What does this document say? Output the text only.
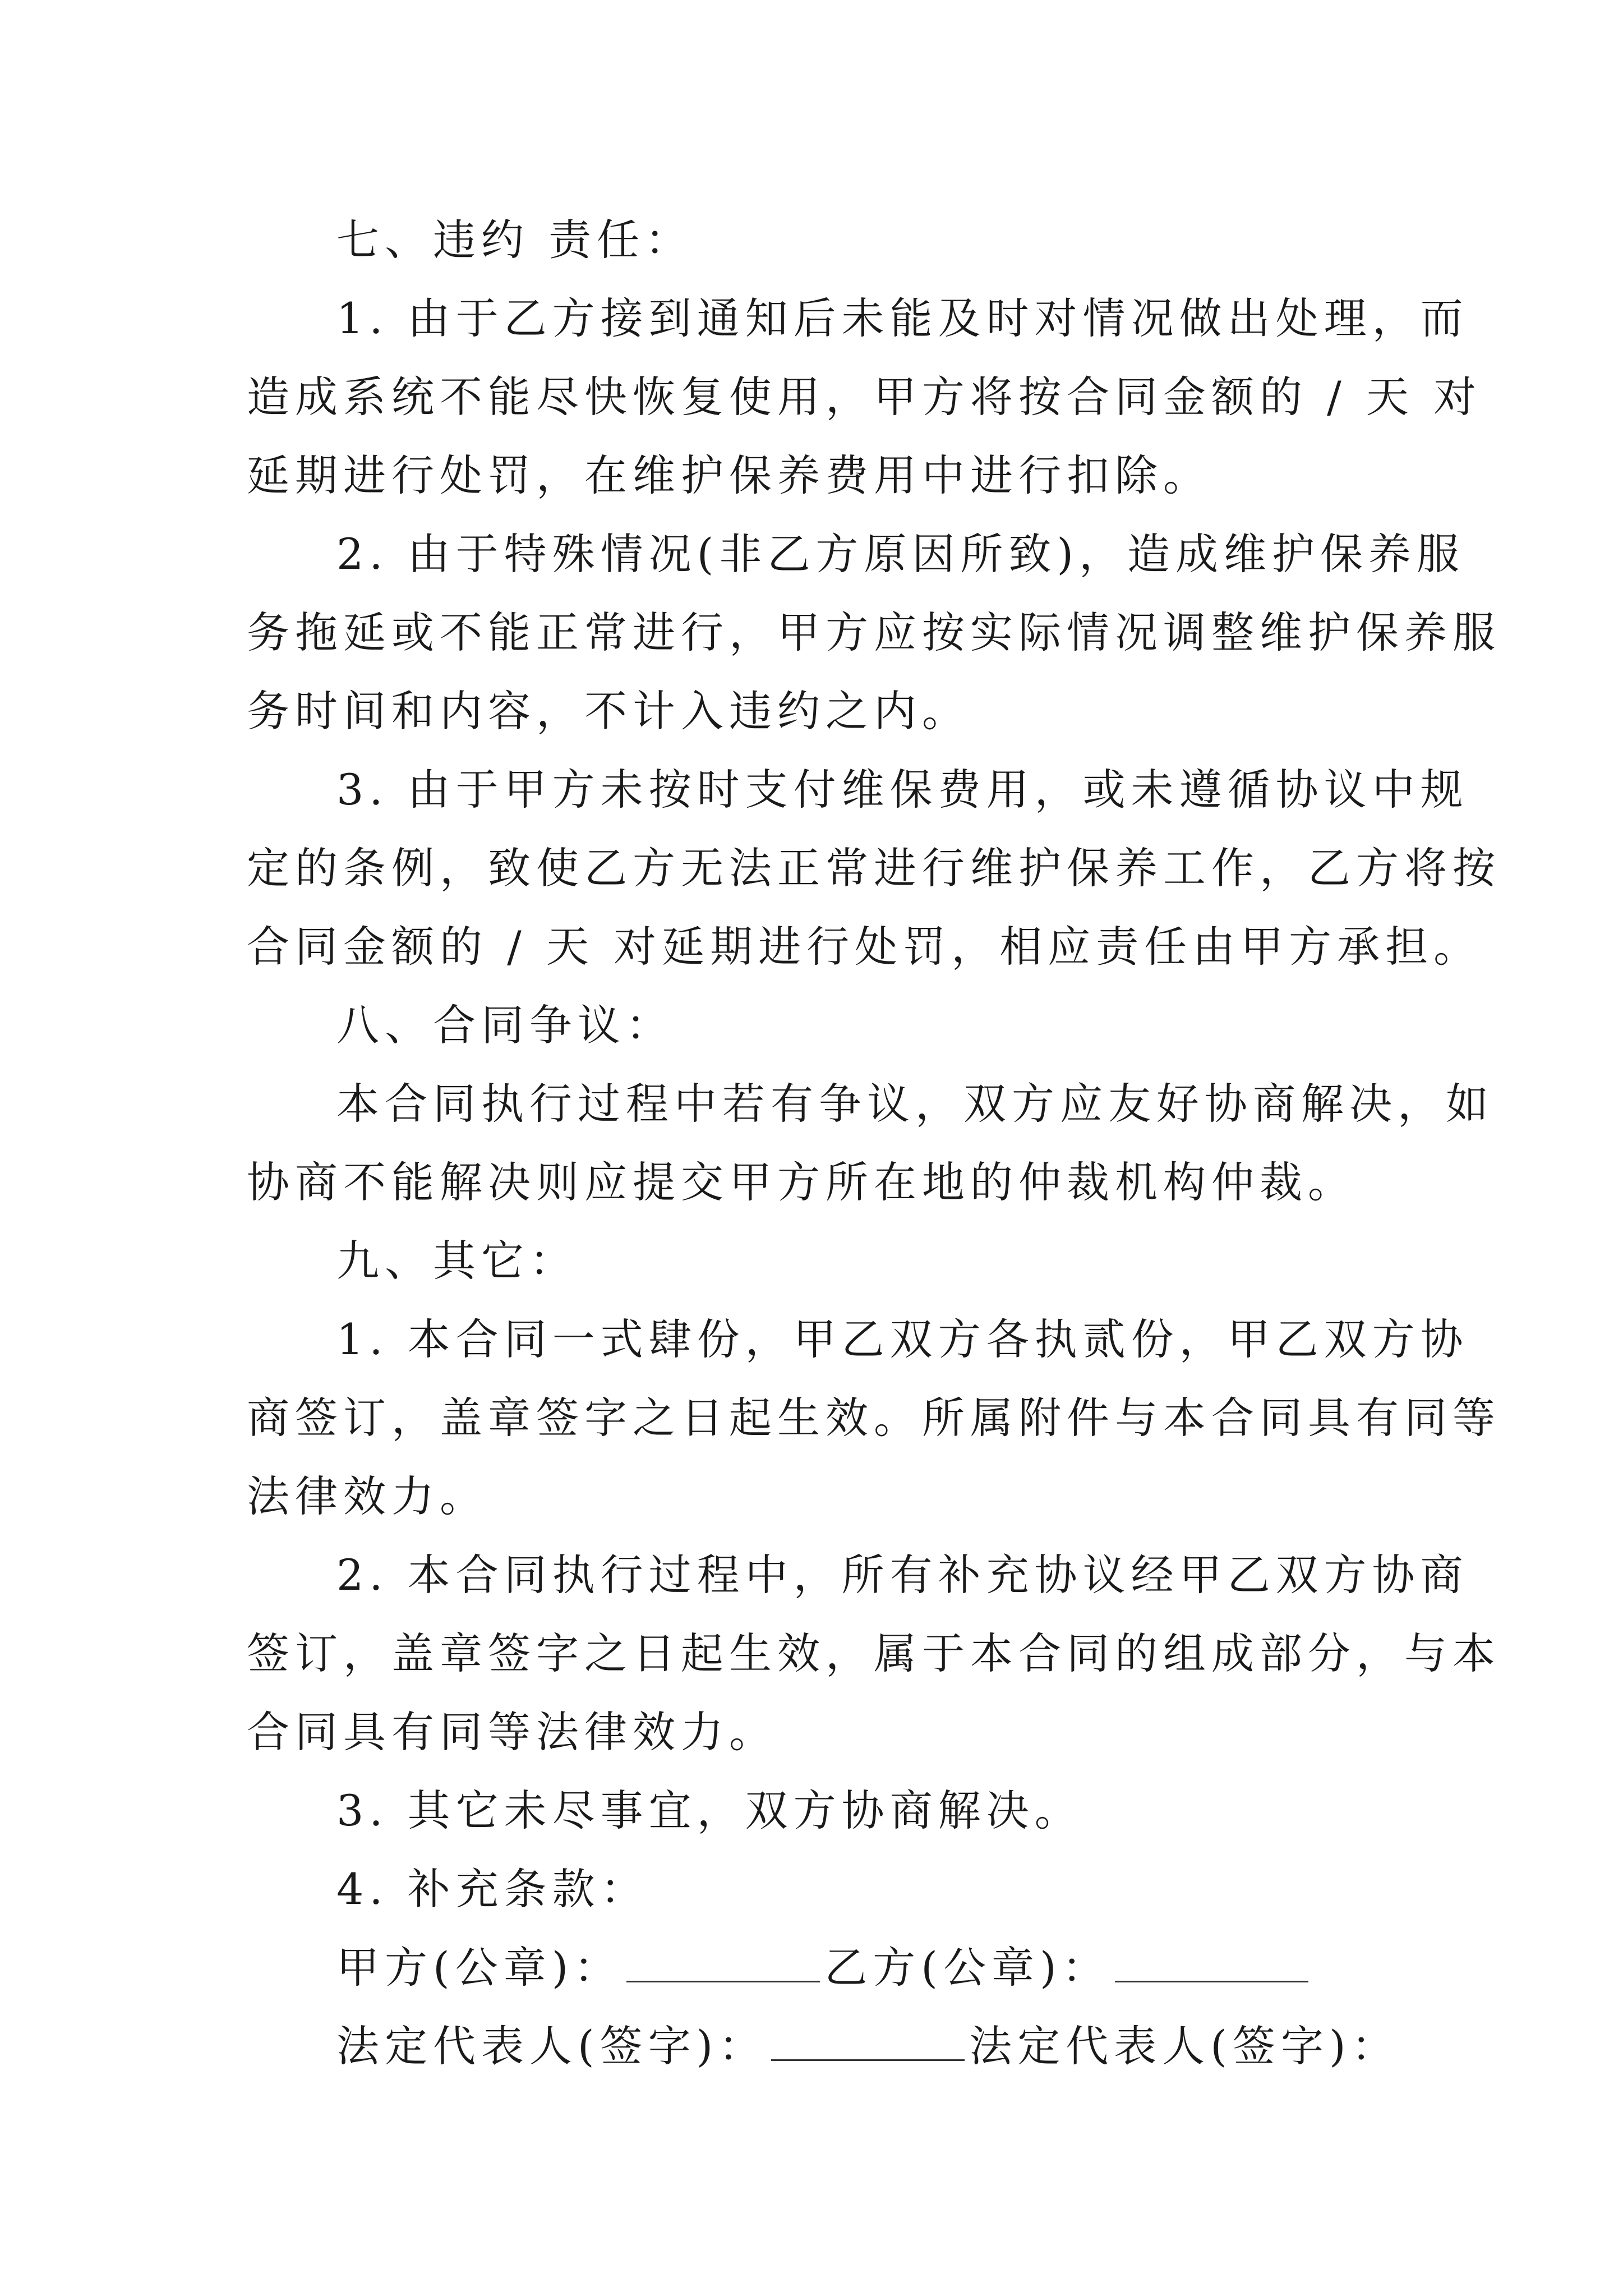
七、违约 责任：
1. 由于乙方接到通知后未能及时对情况做出处理，而
造成系统不能尽快恢复使用，甲方将按合同金额的 / 天 对
延期进行处罚，在维护保养费用中进行扣除。
2. 由于特殊情况(非乙方原因所致)，造成维护保养服
务拖延或不能正常进行，甲方应按实际情况调整维护保养服
务时间和内容，不计入违约之内。
3. 由于甲方未按时支付维保费用，或未遵循协议中规
定的条例，致使乙方无法正常进行维护保养工作，乙方将按
合同金额的 / 天 对延期进行处罚，相应责任由甲方承担。
八、合同争议：
本合同执行过程中若有争议，双方应友好协商解决，如
协商不能解决则应提交甲方所在地的仲裁机构仲裁。
九、其它：
1. 本合同一式肆份，甲乙双方各执贰份，甲乙双方协
商签订，盖章签字之日起生效。所属附件与本合同具有同等
法律效力。
2. 本合同执行过程中，所有补充协议经甲乙双方协商
签订，盖章签字之日起生效，属于本合同的组成部分，与本
合同具有同等法律效力。
3. 其它未尽事宜，双方协商解决。
4. 补充条款：
甲方(公章)：	乙方(公章)：
法定代表人(签字)：	法定代表人(签字)：
